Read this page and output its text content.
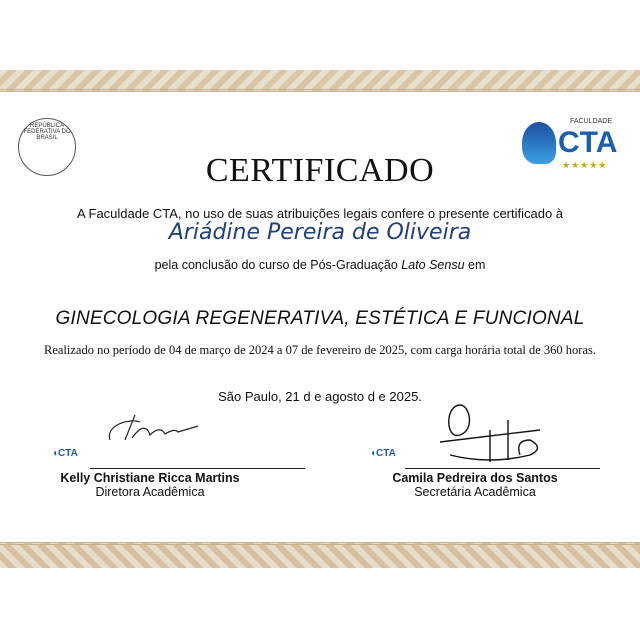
REPÚBLICA FEDERATIVA DO BRASIL
FACULDADE
CTA
★★★★★
CERTIFICADO
A Faculdade CTA, no uso de suas atribuições legais confere o presente certificado à
Ariádine Pereira de Oliveira
pela conclusão do curso de Pós-Graduação Lato Sensu em
GINECOLOGIA REGENERATIVA, ESTÉTICA E FUNCIONAL
Realizado no período de 04 de março de 2024 a 07 de fevereiro de 2025, com carga horária total de 360 horas.
São Paulo, 21 d e agosto d e 2025.
◖CTA	◖CTA
Kelly Christiane Ricca Martins
Diretora Acadêmica
Camila Pedreira dos Santos
Secretária Acadêmica
